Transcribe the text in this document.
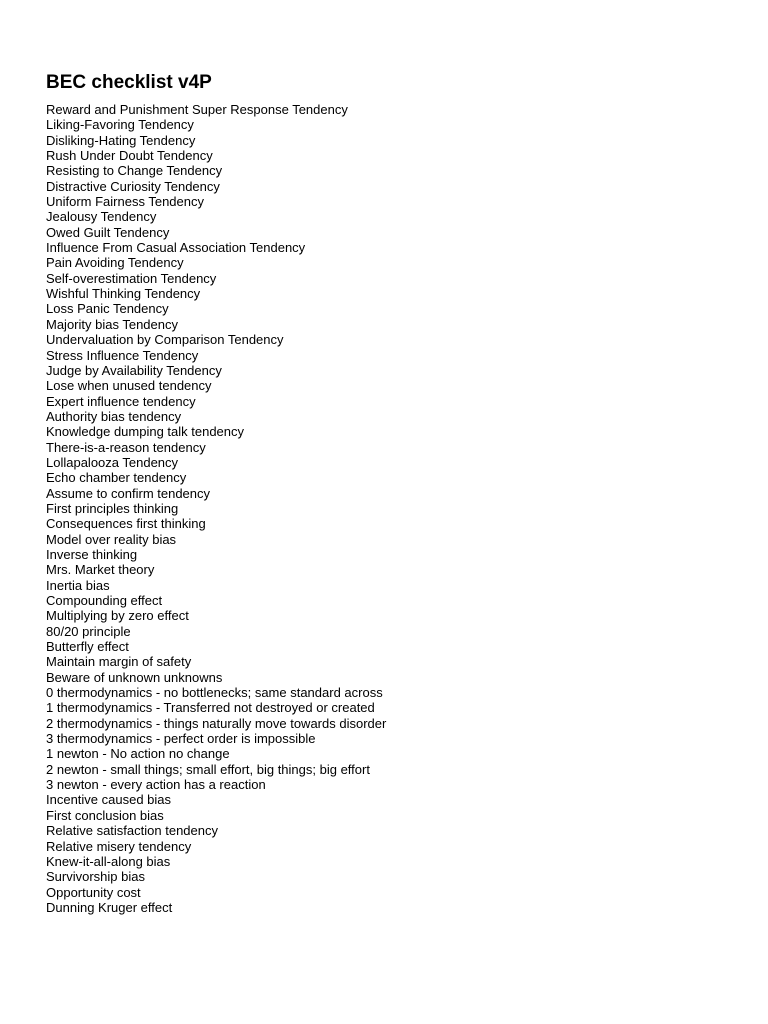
BEC checklist v4P
Reward and Punishment Super Response Tendency
Liking-Favoring Tendency
Disliking-Hating Tendency
Rush Under Doubt Tendency
Resisting to Change Tendency
Distractive Curiosity Tendency
Uniform Fairness Tendency
Jealousy Tendency
Owed Guilt Tendency
Influence From Casual Association Tendency
Pain Avoiding Tendency
Self-overestimation Tendency
Wishful Thinking Tendency
Loss Panic Tendency
Majority bias Tendency
Undervaluation by Comparison Tendency
Stress Influence Tendency
Judge by Availability Tendency
Lose when unused tendency
Expert influence tendency
Authority bias tendency
Knowledge dumping talk tendency
There-is-a-reason tendency
Lollapalooza Tendency
Echo chamber tendency
Assume to confirm tendency
First principles thinking
Consequences first thinking
Model over reality bias
Inverse thinking
Mrs. Market theory
Inertia bias
Compounding effect
Multiplying by zero effect
80/20 principle
Butterfly effect
Maintain margin of safety
Beware of unknown unknowns
0 thermodynamics - no bottlenecks; same standard across
1 thermodynamics - Transferred not destroyed or created
2 thermodynamics - things naturally move towards disorder
3 thermodynamics - perfect order is impossible
1 newton - No action no change
2 newton - small things; small effort, big things; big effort
3 newton - every action has a reaction
Incentive caused bias
First conclusion bias
Relative satisfaction tendency
Relative misery tendency
Knew-it-all-along bias
Survivorship bias
Opportunity cost
Dunning Kruger effect
